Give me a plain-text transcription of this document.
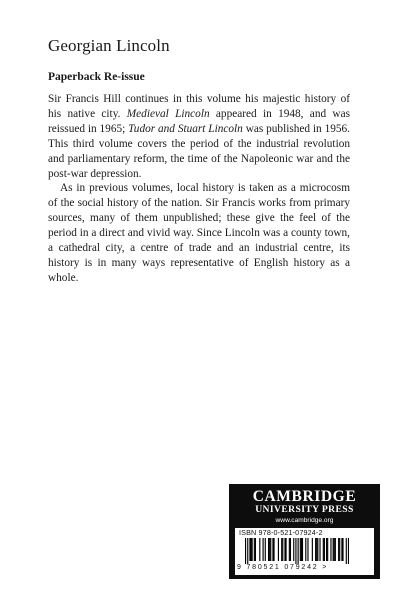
Georgian Lincoln
Paperback Re-issue

Sir Francis Hill continues in this volume his majestic history of his native city. Medieval Lincoln appeared in 1948, and was reissued in 1965; Tudor and Stuart Lincoln was published in 1956. This third volume covers the period of the industrial revolution and parliamentary reform, the time of the Napoleonic war and the post-war depression.

As in previous volumes, local history is taken as a microcosm of the social history of the nation. Sir Francis works from primary sources, many of them unpublished; these give the feel of the period in a direct and vivid way. Since Lincoln was a county town, a cathedral city, a centre of trade and an industrial centre, its history is in many ways representative of English history as a whole.

CAMBRIDGE
UNIVERSITY PRESS
www.cambridge.org
ISBN 978-0-521-07924-2
9 780521 079242 >
